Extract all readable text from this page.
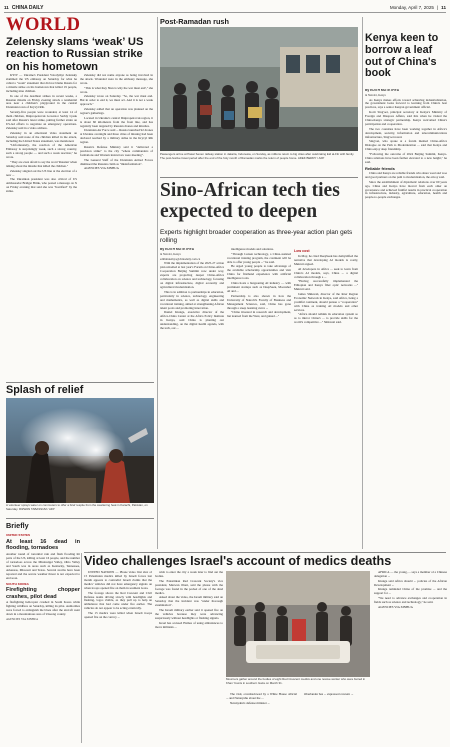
11 CHINA DAILY	Monday, April 7, 2025 | 11
WORLD
Zelensky slams ‘weak’ US reaction to Russian strike on his hometown

KYIV — Ukraine's President Volodymyr Zelensky slammed the US embassy on Saturday for what he called a "weak" statement that did not blame Russia for a missile strike on his hometown that killed 19 people, including nine children.

In one of the deadliest strikes in recent weeks, a Russian missile on Friday evening struck a residential area near a children's playground in the central Ukrainian town of Kryvyi Rih.

Seventy-five people were wounded, at least 14 of them children, Dnipropetrovsk Governor Serhiy Lysak said after Russia's latest strike, putting further strain on US-led efforts to negotiate an emergency operations. Zelensky said in a video address.

Zelensky in an emotional video statement on Saturday said none of the children killed in the attack, including the United States statement, was mentioned.

"Unfortunately, the reaction of the American Embassy is surprisingly weak, such a strong country, such a strong people — and such a weak reaction," he wrote.

"They are even afraid to say the word 'Russian' when talking about the missile that killed the children."

Zelensky singled out the US line at the election of a new ...

The Ukrainian president was also critical of US Ambassador Bridget Brink, who posted a message on X on Friday evening that said she was "horrified" by the strike.

Zelensky did not name anyone as being involved in the attack. Wounded were in the embassy message, she wrote.

"This is what they 'Run is why the war must end'," she wrote.

Zelensky wrote on Saturday. "So, the war must end. But in order to end it, we must act. And it is not a weak approach."

Zelensky added that an operation was planned on the region's gatherings.

Located in Ukraine's central Dnipropetrovsk region, it is about 60 kilometers from the front line, and has regularly been targeted by Russian drones and missiles.

Ukrainian Air Force said ... Russia launched 92 drones at Ukraine overnight and three cities of missing had been declared reached by a military strike in the Kryvyi Rih region.

Russia's Defense Ministry said it "delivered a precision strike" to the city "where commanders of formations and Western instructors were meeting".

The General Staff of the Ukrainian Armed Forces dismissed the Russian claim as "misinformation".

AGENCIES VIA XINHUA

Splash of relief
A volunteer sprays water on commuters to offer a brief respite from the sweltering heat in Karachi, Pakistan, on Saturday. RIZWAN TABASSUM / AFP
Briefly
UNITED STATES
At least 16 dead in flooding, tornadoes

Another round of torrential rain and flash flooding hit parts of the US, killing at least 16 people, and the number of tornadoes across the Mississippi Valley, Ohio Valley and South was in areas such as Kentucky, Tennessee, Arkansas, Missouri and Texas. Several storms have been reported and the severe weather threat is not expected to end soon.

SOUTH KOREA
Firefighting chopper crashes, pilot dead

A firefighting helicopter crashed in South Korea while fighting wildfires on Saturday, killing its pilot. Authorities were forced to extinguish the blaze after the aircraft went down in a mountainous area of Uiseong county.

AGENCIES VIA XINHUA

Post-Ramadan rush
Passengers arrive at Pasar Senen railway station in Jakarta, Indonesia, on Sunday, as millions return to big cities after celebrating Eid al-Fitr with family. The post-festive travel period after the end of the holy month of Ramadan marks the return of people home. ADEK BERRY / AFP
Sino-African tech ties expected to deepen
Experts highlight broader cooperation as three-year action plan gets rolling

By EDITH MUTETHYA

in Nairobi, Kenya

edithmutethya@chinadaily.com.cn

With the implementation of the 2025-27 action plan unveiled at last year's Forum on China-Africa Cooperation Beijing Summit now under way, experts are projecting deeper China-Africa collaboration on science and technology, focusing on digital infrastructure, digital economy and agricultural modernization.

This is in addition to partnerships in education, particularly in science, technology, engineering and mathematics, as well as digital skills and vocational training, aimed at strengthening African talent pools and promoting innovation.

Daniel Kiunga, executive director of the Africa-China Center at the Africa Policy Institute in Kenya, said China is planting our understanding, on the digital health agenda, with the tech, our ...

intelligence models and solutions.

"Through Lutsen technology, a China-assisted vocational training program, the continent will be able to offer young people ..." he said.

He urged young people to take advantage of the available scholarship opportunities and visit China for firsthand experience with artificial intelligence tools.

China hosts a burgeoning AI industry — with prominent startups such as DeepSeek, Moonshot AI and ...

Partnership is also shown in how the University of Nairobi's Faculty of Business and Management Sciences, said, China has gone through a steep learning curve ...

"China invested in research and development, but learned from the West, and gained ..."

Low cost

In May, he cited DeepSeek has demystified the narrative that developing AI models is costly, Muiruri argued.

AI developers in Africa ... seek to learn from China's AI models, says, China ... a digital collaboration through a ...

"Having successfully implemented the Ethiopian and Kenya fiber optic networks ..." Muiruri said.

James Shikwati, director of the Inter Region Economic Network in Kenya, said Africa, being a youthful continent, should pursue a "cooperation" with China as training AI models and other services.

"Africa should rethink its education system so as to mirror China's ... to provide skills for the world's competitive ..." Shikwati said.

Kenya keen to borrow a leaf out of China's book

By EDITH MUTETHYA

in Nairobi, Kenya

As Kenya makes efforts toward achieving industrialization, the government looks forward to learning from China's best practices, says a senior Kenyan government official.

Korir Sing'oei, principal secretary at Kenya's Ministry of Foreign and Diaspora Affairs, said this when he visited the China-Kenya strategic partnership. Kenya welcomed China's participation and cooperation.

The two countries have been working together in Africa's development, security, information and telecommunications infrastructure, Sing'oei noted.

Sing'oei, who spoke at a forum themed China-Africa Dialogue on the Path to Modernization ... said that Kenya and China enjoy deep friendship.

"Following the outcome of 2024 Beijing Summit, Kenya-China relations have been further elevated to a new height," he said.

Reliable friends

China and Kenya are reliable friends who share weal and woe and good partners on the path to modernization, the envoy said.

Since the establishment of diplomatic relations over 60 years ago, China and Kenya have moved from each other on governance and achieved fruitful results in practical cooperation in infrastructure, industry, agriculture, education, health and people-to-people exchanges.

Video challenges Israel's account of medics deaths

UNITED NATIONS — Phone video first shot of 15 Palestinian medics killed by Israeli forces last month appears to contradict Israeli claims that the medics' vehicles did not have emergency signals on when troops opened fire on them in southern Gaza.

The footage shows the Red Crescent and Civil Defense teams driving slowly with headlights and flashing, logos visible, as they pull up to help an ambulance that had come under fire earlier. The vehicles do not appear to be acting erratically.

The 15 medics were killed when Israeli troops opened fire on the convoy ...

wish to enter the city a week later to find out the bodies.

The Palestinian Red Crescent Society's vice president, Marwan Jilani, said the phone with the footage was found in the pocket of one of the dead medics.

Asked about the video, the Israeli military said on Saturday that the incident was "under thorough examination".

The Israeli military earlier said it opened fire on the vehicles because they were advancing suspiciously without headlights or flashing signals.

Israel has accused Hamas of using ambulances to move militants ...

Mourners gather around the bodies of eight Red Crescent medics and one rescue worker who were buried in Khan Younis in southern Gaza on March 31.

The visit, overshadowed by a White House official ... and Netanyahu about the ...

Netanyahu's defense minister ...

Oberlander has ... expressed concern ...

AFRICA — the young, ... says a member of a Chinese delegation ...

Kiunga said Africa should ... policies of the African Development ...

Kiunga reminded China of the promise ... and the support for ...

"We need to advance exchanges and cooperation in fields such as science and technology," he said.

AGENCIES VIA XINHUA
